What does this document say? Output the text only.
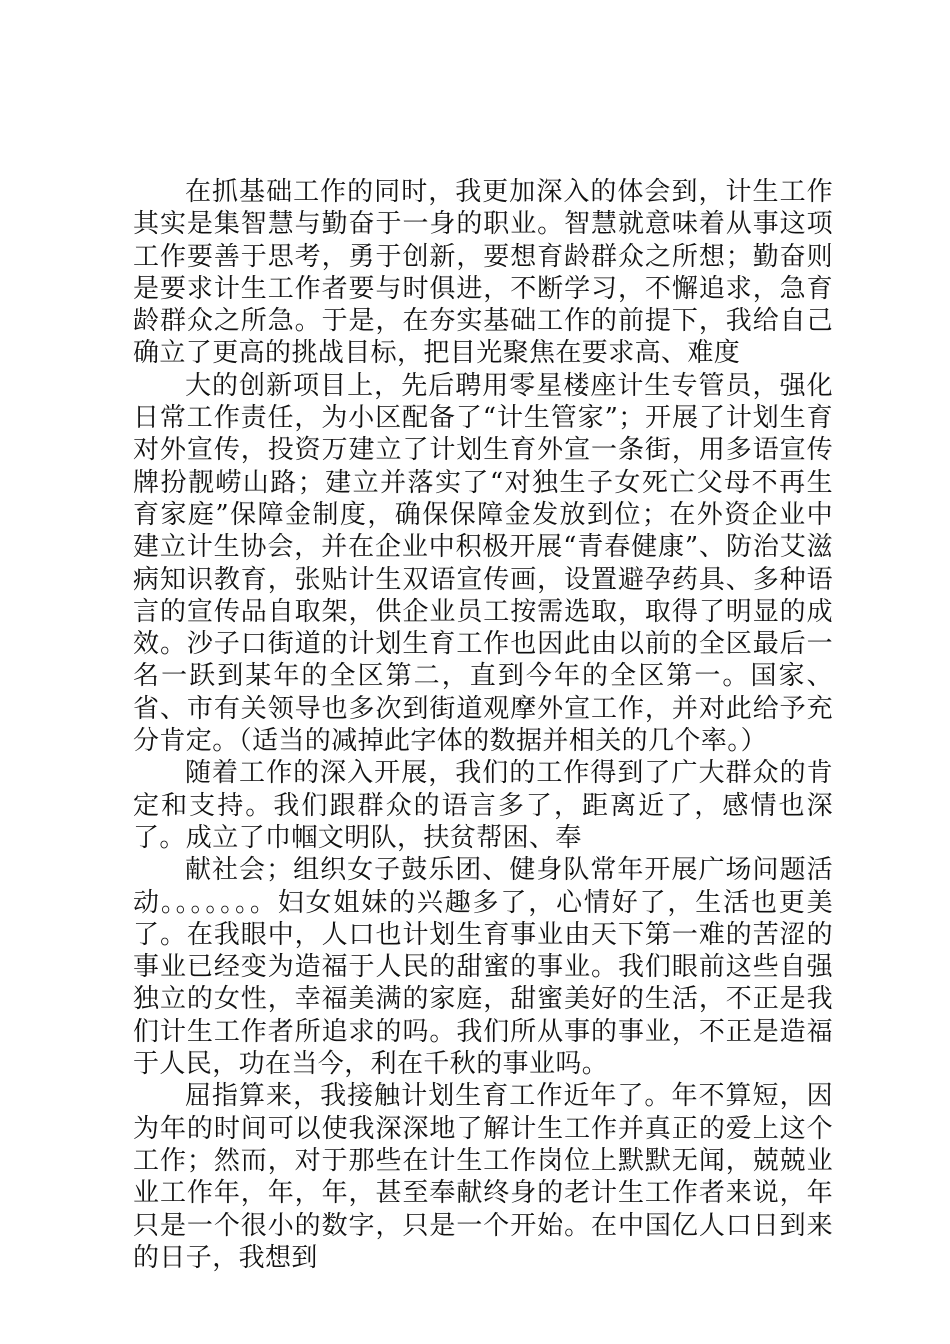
在抓基础工作的同时，我更加深入的体会到，计生工作其实是集智慧与勤奋于一身的职业。智慧就意味着从事这项工作要善于思考，勇于创新，要想育龄群众之所想；勤奋则是要求计生工作者要与时俱进，不断学习，不懈追求，急育龄群众之所急。于是，在夯实基础工作的前提下，我给自己确立了更高的挑战目标，把目光聚焦在要求高、难度

大的创新项目上，先后聘用零星楼座计生专管员，强化日常工作责任，为小区配备了“计生管家”；开展了计划生育对外宣传，投资万建立了计划生育外宣一条街，用多语宣传牌扮靓崂山路；建立并落实了“对独生子女死亡父母不再生育家庭”保障金制度，确保保障金发放到位；在外资企业中建立计生协会，并在企业中积极开展“青春健康”、防治艾滋病知识教育，张贴计生双语宣传画，设置避孕药具、多种语言的宣传品自取架，供企业员工按需选取，取得了明显的成效。沙子口街道的计划生育工作也因此由以前的全区最后一名一跃到某年的全区第二，直到今年的全区第一。国家、省、市有关领导也多次到街道观摩外宣工作，并对此给予充分肯定。（适当的减掉此字体的数据并相关的几个率。）

随着工作的深入开展，我们的工作得到了广大群众的肯定和支持。我们跟群众的语言多了，距离近了，感情也深了。成立了巾帼文明队，扶贫帮困、奉

献社会；组织女子鼓乐团、健身队常年开展广场问题活动。。。。。。。妇女姐妹的兴趣多了，心情好了，生活也更美了。在我眼中，人口也计划生育事业由天下第一难的苦涩的事业已经变为造福于人民的甜蜜的事业。我们眼前这些自强独立的女性，幸福美满的家庭，甜蜜美好的生活，不正是我们计生工作者所追求的吗。我们所从事的事业，不正是造福于人民，功在当今，利在千秋的事业吗。

屈指算来，我接触计划生育工作近年了。年不算短，因为年的时间可以使我深深地了解计生工作并真正的爱上这个工作；然而，对于那些在计生工作岗位上默默无闻，兢兢业业工作年，年，年，甚至奉献终身的老计生工作者来说，年只是一个很小的数字，只是一个开始。在中国亿人口日到来的日子，我想到
